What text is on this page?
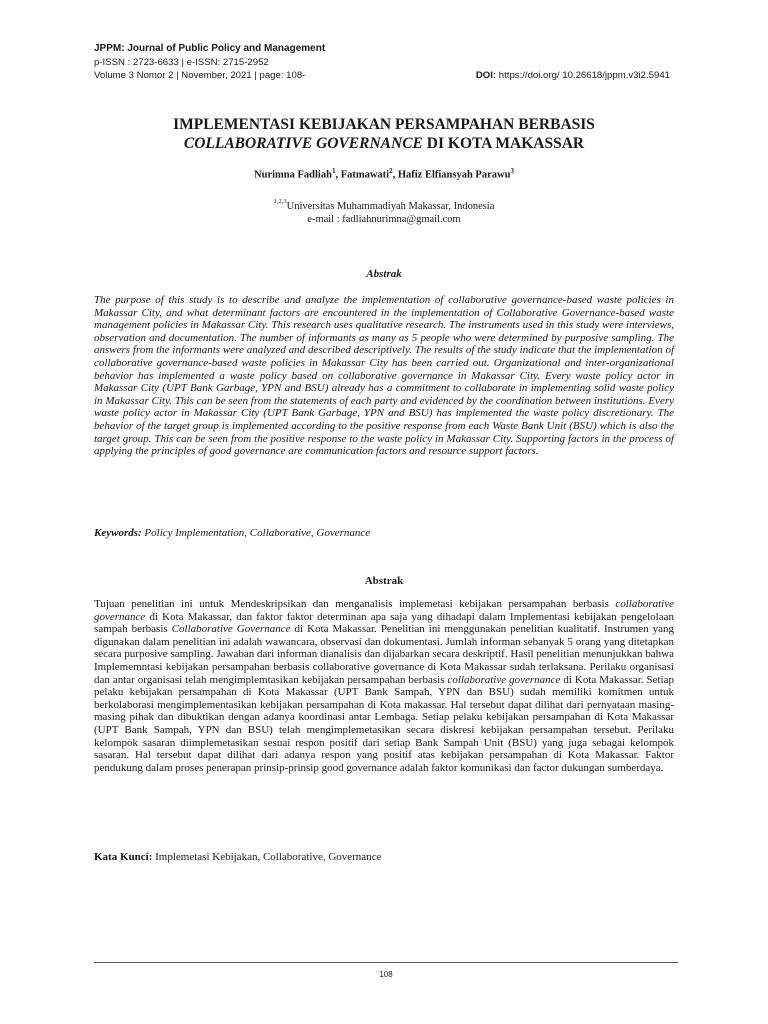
JPPM: Journal of Public Policy and Management
p-ISSN : 2723-6633 | e-ISSN: 2715-2952
Volume 3 Nomor 2 | November, 2021 | page: 108-	DOI: https://doi.org/ 10.26618/jppm.v3i2.5941
IMPLEMENTASI KEBIJAKAN PERSAMPAHAN BERBASIS
COLLABORATIVE GOVERNANCE DI KOTA MAKASSAR
Nurimna Fadliah$^1$, Fatmawati$^2$, Hafiz Elfiansyah Parawu$^3$
$^{1,2,3}$Universitas Muhammadiyah Makassar, Indonesia
e-mail : fadliahnurimna@gmail.com
Abstrak

The purpose of this study is to describe and analyze the implementation of collaborative governance-based waste policies in Makassar City, and what determinant factors are encountered in the implementation of Collaborative Governance-based waste management policies in Makassar City. This research uses qualitative research. The instruments used in this study were interviews, observation and documentation. The number of informants as many as 5 people who were determined by purposive sampling. The answers from the informants were analyzed and described descriptively. The results of the study indicate that the implementation of collaborative governance-based waste policies in Makassar City has been carried out. Organizational and inter-organizational behavior has implemented a waste policy based on collaborative governance in Makassar City. Every waste policy actor in Makassar City (UPT Bank Garbage, YPN and BSU) already has a commitment to collaborate in implementing solid waste policy in Makassar City. This can be seen from the statements of each party and evidenced by the coordination between institutions. Every waste policy actor in Makassar City (UPT Bank Garbage, YPN and BSU) has implemented the waste policy discretionary. The behavior of the target group is implemented according to the positive response from each Waste Bank Unit (BSU) which is also the target group. This can be seen from the positive response to the waste policy in Makassar City. Supporting factors in the process of applying the principles of good governance are communication factors and resource support factors.

Keywords: Policy Implementation, Collaborative, Governance
Abstrak

Tujuan penelitian ini untuk Mendeskripsikan dan menganalisis implemetasi kebijakan persampahan berbasis collaborative governance di Kota Makassar, dan faktor faktor determinan apa saja yang dihadapi dalam Implementasi kebijakan pengelolaan sampah berbasis Collaborative Governance di Kota Makassar. Penelitian ini menggunakan penelitian kualitatif. Instrumen yang digunakan dalam penelitian ini adalah wawancara, observasi dan dokumentasi. Jumlah informan sebanyak 5 orang yang ditetapkan secara purposive sampling. Jawaban dari informan dianalisis dan dijabarkan secara deskriptif. Hasil penelitian menunjukkan bahwa Implememntasi kebijakan persampahan berbasis collaborative governance di Kota Makassar sudah terlaksana. Perilaku organisasi dan antar organisasi telah mengimplemtasikan kebijakan persampahan berbasis collaborative governance di Kota Makassar. Setiap pelaku kebijakan persampahan di Kota Makassar (UPT Bank Sampah, YPN dan BSU) sudah memiliki komitmen untuk berkolaborasi mengimplementasikan kebijakan persampahan di Kota makassar. Hal tersebut dapat dilihat dari pernyataan masing-masing pihak dan dibuktikan dengan adanya koordinasi antar Lembaga. Setiap pelaku kebijakan persampahan di Kota Makassar (UPT Bank Sampah, YPN dan BSU) telah mengimplemetasikan secara diskresi kebijakan persampahan tersebut. Perilaku kelompok sasaran diimplemetasikan sesuai respon positif dari setiap Bank Sampah Unit (BSU) yang juga sebagai kelompok sasaran. Hal tersebut dapat dilihat dari adanya respon yang positif atas kebijakan persampahan di Kota Makassar. Faktor pendukung dalam proses penerapan prinsip-prinsip good governance adalah faktor komunikasi dan factor dukungan sumberdaya.

Kata Kunci: Implemetasi Kebijakan, Collaborative, Governance
108
